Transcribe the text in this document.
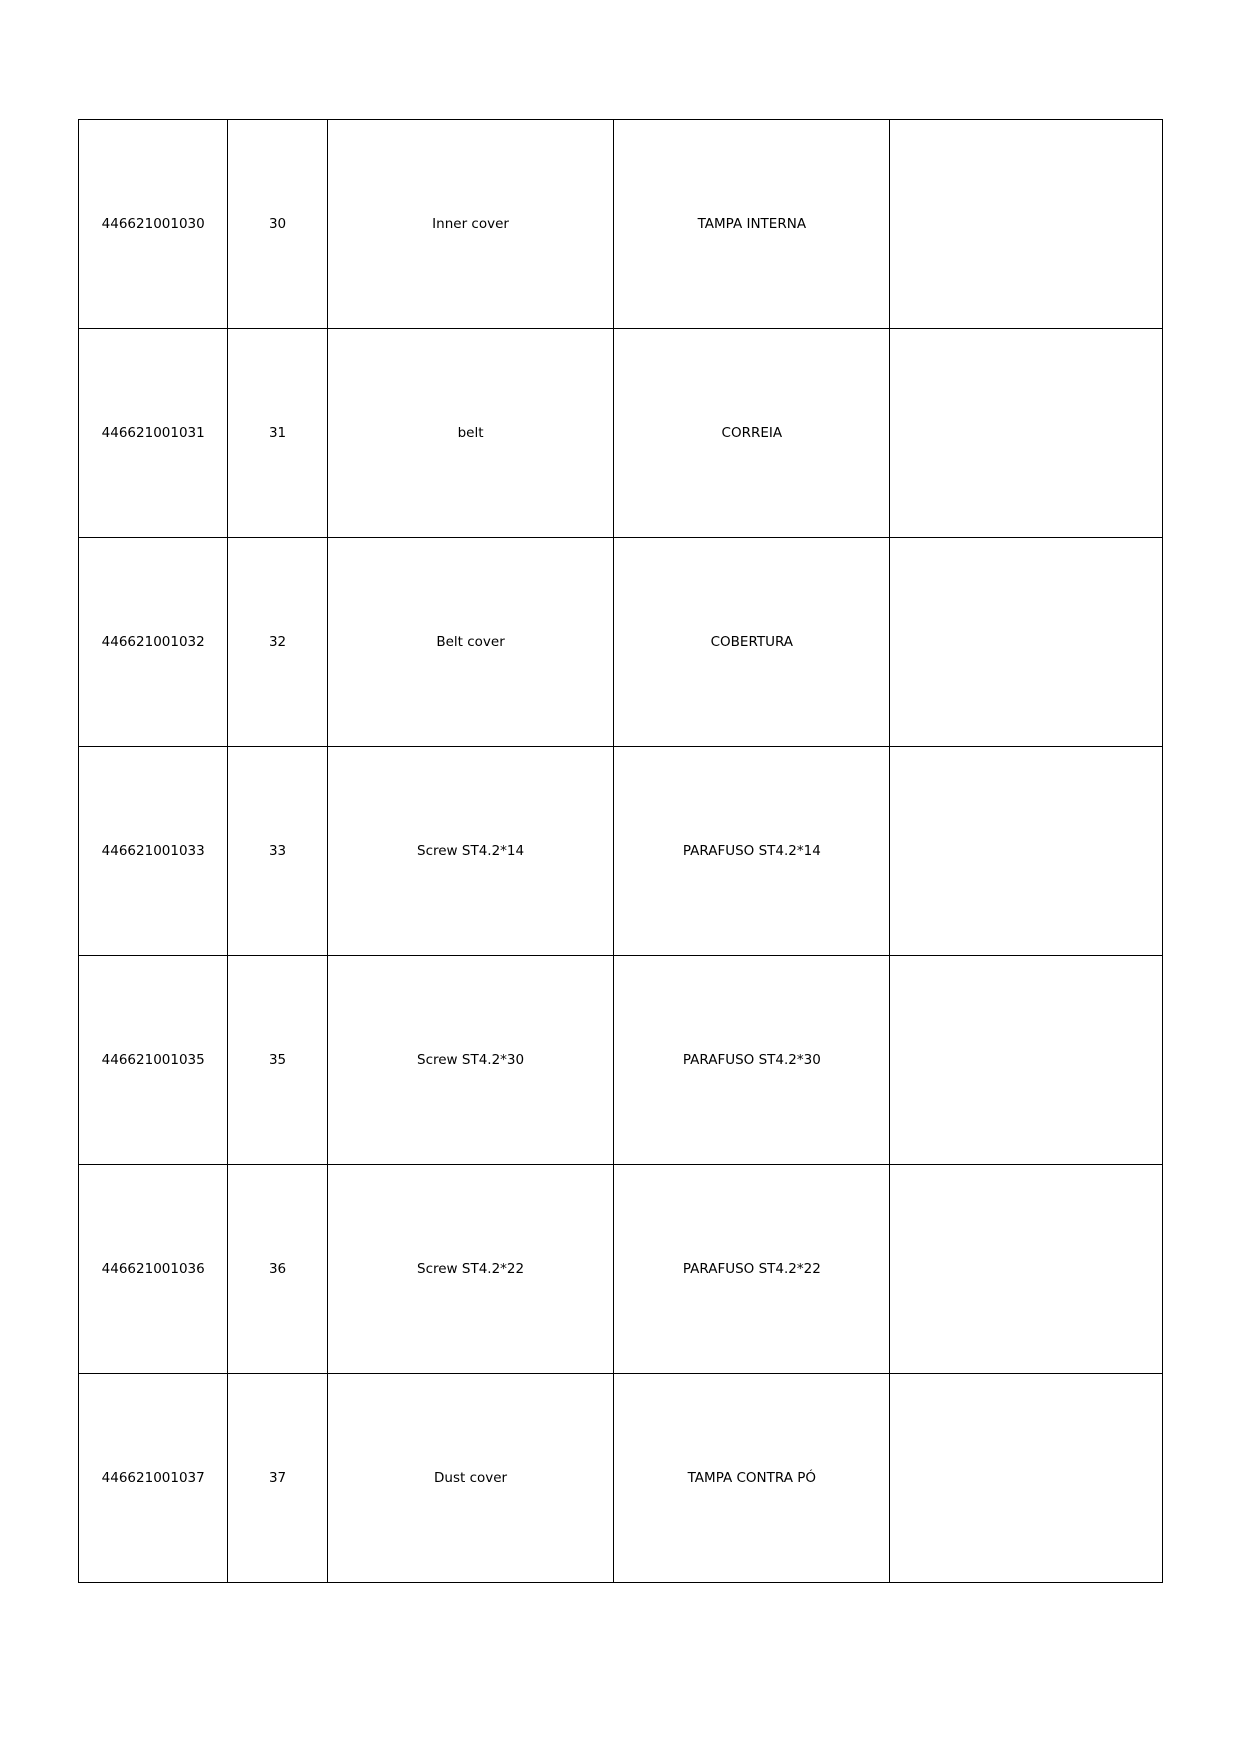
446621001030	30	Inner cover	TAMPA INTERNA	
446621001031	31	belt	CORREIA	
446621001032	32	Belt cover	COBERTURA	
446621001033	33	Screw ST4.2*14	PARAFUSO ST4.2*14	
446621001035	35	Screw ST4.2*30	PARAFUSO ST4.2*30	
446621001036	36	Screw ST4.2*22	PARAFUSO ST4.2*22	
446621001037	37	Dust cover	TAMPA CONTRA PÓ	
